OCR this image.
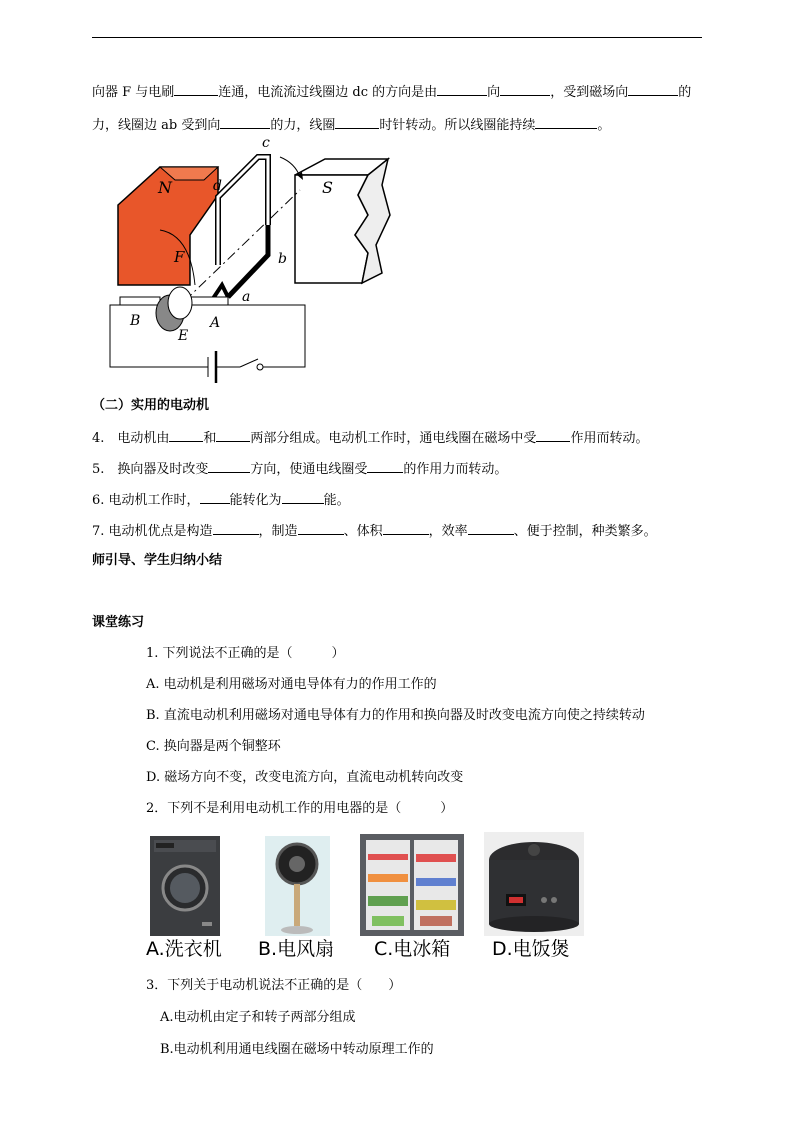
向器 F 与电刷	连通，电流流过线圈边 dc 的方向是由	向	，受到磁场向	的
力，线圈边 ab 受到向	的力，线圈	时针转动。所以线圈能持续	。
N
F
S
c
d
b
a
B	A
E
（二）实用的电动机
4.　电动机由	和	两部分组成。电动机工作时，通电线圈在磁场中受	作用而转动。
5.　换向器及时改变	方向，使通电线圈受	的作用力而转动。
6. 电动机工作时， 能转化为	能。
7. 电动机优点是构造	，制造	、体积	，效率	、便于控制，种类繁多。
师引导、学生归纳小结
课堂练习
1. 下列说法不正确的是（　　　）
A. 电动机是利用磁场对通电导体有力的作用工作的
B. 直流电动机利用磁场对通电导体有力的作用和换向器及时改变电流方向使之持续转动
C. 换向器是两个铜整环
D. 磁场方向不变，改变电流方向，直流电动机转向改变
2．下列不是利用电动机工作的用电器的是（　　　）
A.洗衣机 B.电风扇 C.电冰箱 D.电饭煲
3．下列关于电动机说法不正确的是（　　）
A.电动机由定子和转子两部分组成
B.电动机利用通电线圈在磁场中转动原理工作的
